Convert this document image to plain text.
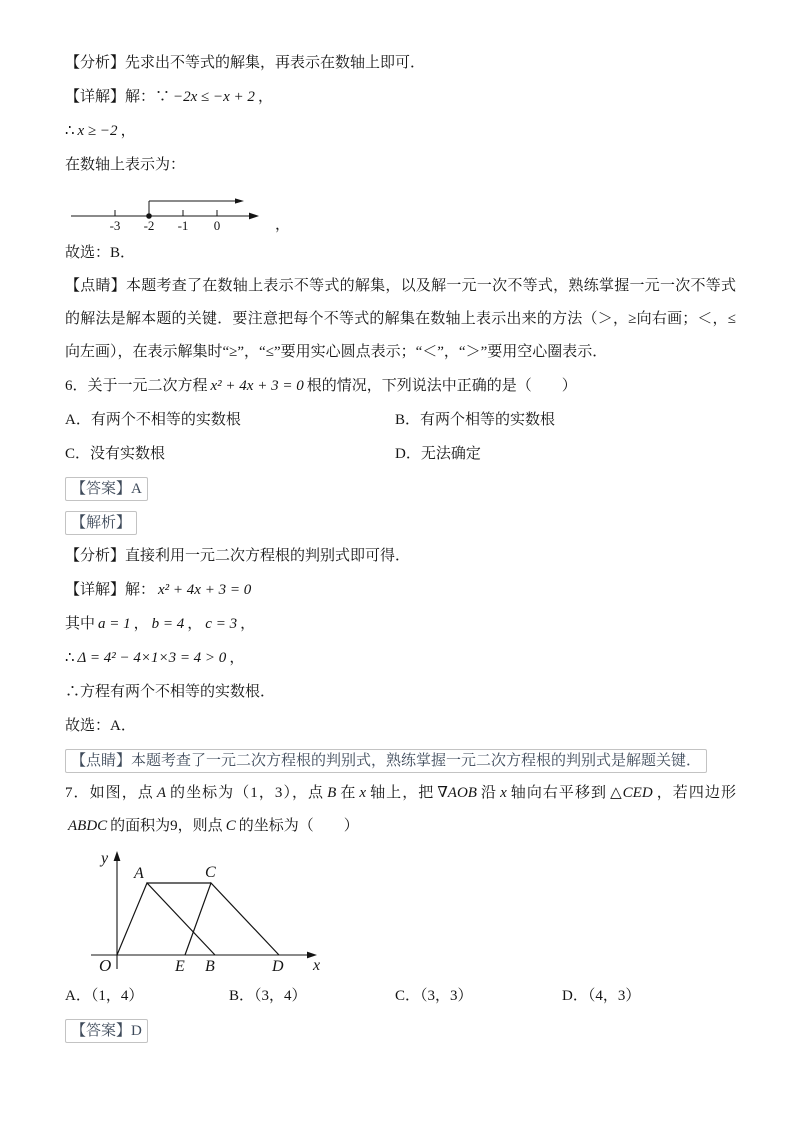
【分析】先求出不等式的解集，再表示在数轴上即可．
【详解】解：∵ −2x ≤ −x + 2 ，
∴ x ≥ −2 ，
在数轴上表示为：
-3 -2 -1 0	，
故选：B．
【点睛】本题考查了在数轴上表示不等式的解集，以及解一元一次不等式，熟练掌握一元一次不等式的解法是解本题的关键．要注意把每个不等式的解集在数轴上表示出来的方法（＞，≥向右画；＜，≤向左画），在表示解集时“≥”，“≤”要用实心圆点表示；“＜”，“＞”要用空心圈表示．
6．关于一元二次方程 x² + 4x + 3 = 0 根的情况，下列说法中正确的是（　　）
A．有两个不相等的实数根	B．有两个相等的实数根
C．没有实数根	D．无法确定
【答案】A
【解析】
【分析】直接利用一元二次方程根的判别式即可得．
【详解】解： x² + 4x + 3 = 0
其中 a = 1 ， b = 4 ， c = 3 ，
∴ Δ = 4² − 4×1×3 = 4 > 0 ，
∴方程有两个不相等的实数根．
故选：A．
【点睛】本题考查了一元二次方程根的判别式，熟练掌握一元二次方程根的判别式是解题关键．
7．如图，点 A 的坐标为（1，3），点 B 在 x 轴上，把 ∇AOB 沿 x 轴向右平移到 △CED ，若四边形ABDC 的面积为9，则点 C 的坐标为（　　）
y
x
O
A	C
E B	D
A．（1，4）	B．（3，4）	C．（3，3）	D．（4，3）
【答案】D
